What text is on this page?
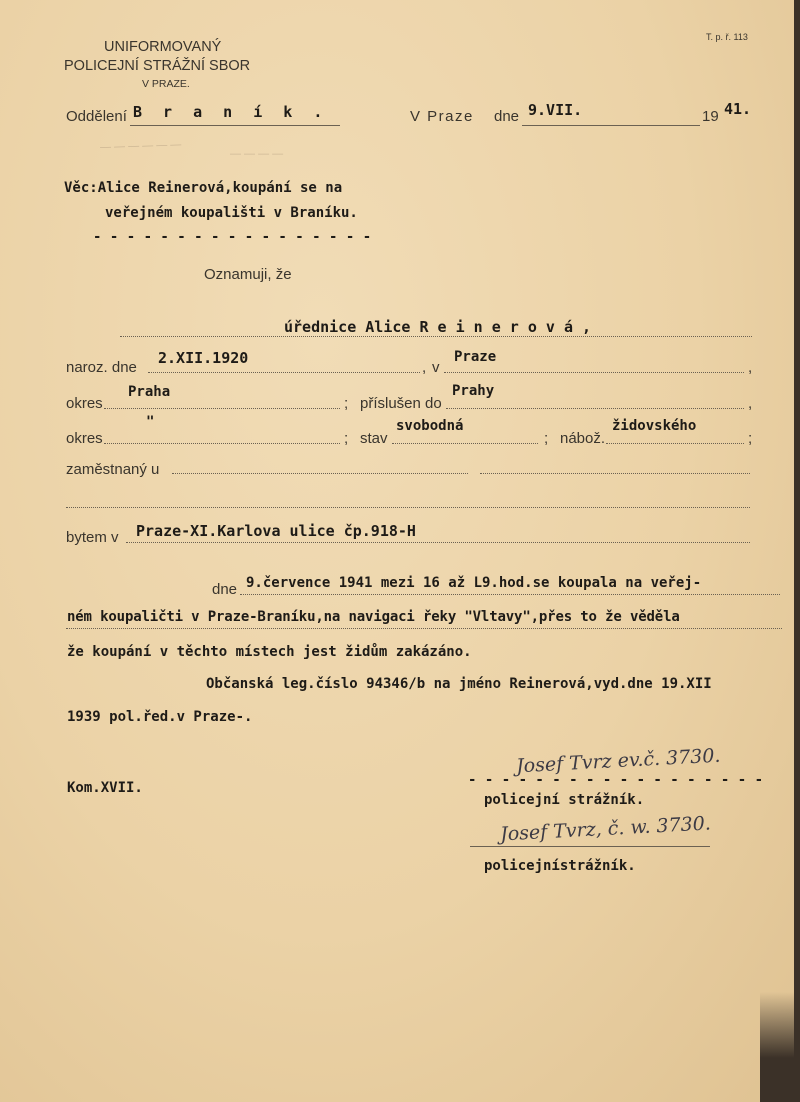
— — — — — —
— — — —
UNIFORMOVANÝ
POLICEJNÍ STRÁŽNÍ SBOR
V PRAZE.
T. p. ř. 113
Oddělení B r a n í k .	V Praze dne 9.VII.	19 41.
Věc:Alice Reinerová,koupání se na
veřejném koupališti v Braníku.
- - - - - - - - - - - - - - - - -
Oznamuji, že
úřednice Alice R e i n e r o v á ,
naroz. dne
2.XII.1920
, v
Praze
,
okres
Praha
; příslušen do
Prahy
,
okres
"
; stav
svobodná
; nábož.
židovského
;
zaměstnaný u
bytem v Praze-XI.Karlova ulice čp.918-H
dne 9.července 1941 mezi 16 až L9.hod.se koupala na veřej-
ném koupaličti v Praze-Braníku,na navigaci řeky "Vltavy",přes to že věděla
že koupání v těchto místech jest židům zakázáno.
Občanská leg.číslo 94346/b na jméno Reinerová,vyd.dne 19.XII
1939 pol.řed.v Praze-.
Kom.XVII.
Josef Tvrz ev.č. 3730.
- - - - - - - - - - - - - - - - - -
policejní strážník.
Josef Tvrz, č. w. 3730.
policejnístrážník.
